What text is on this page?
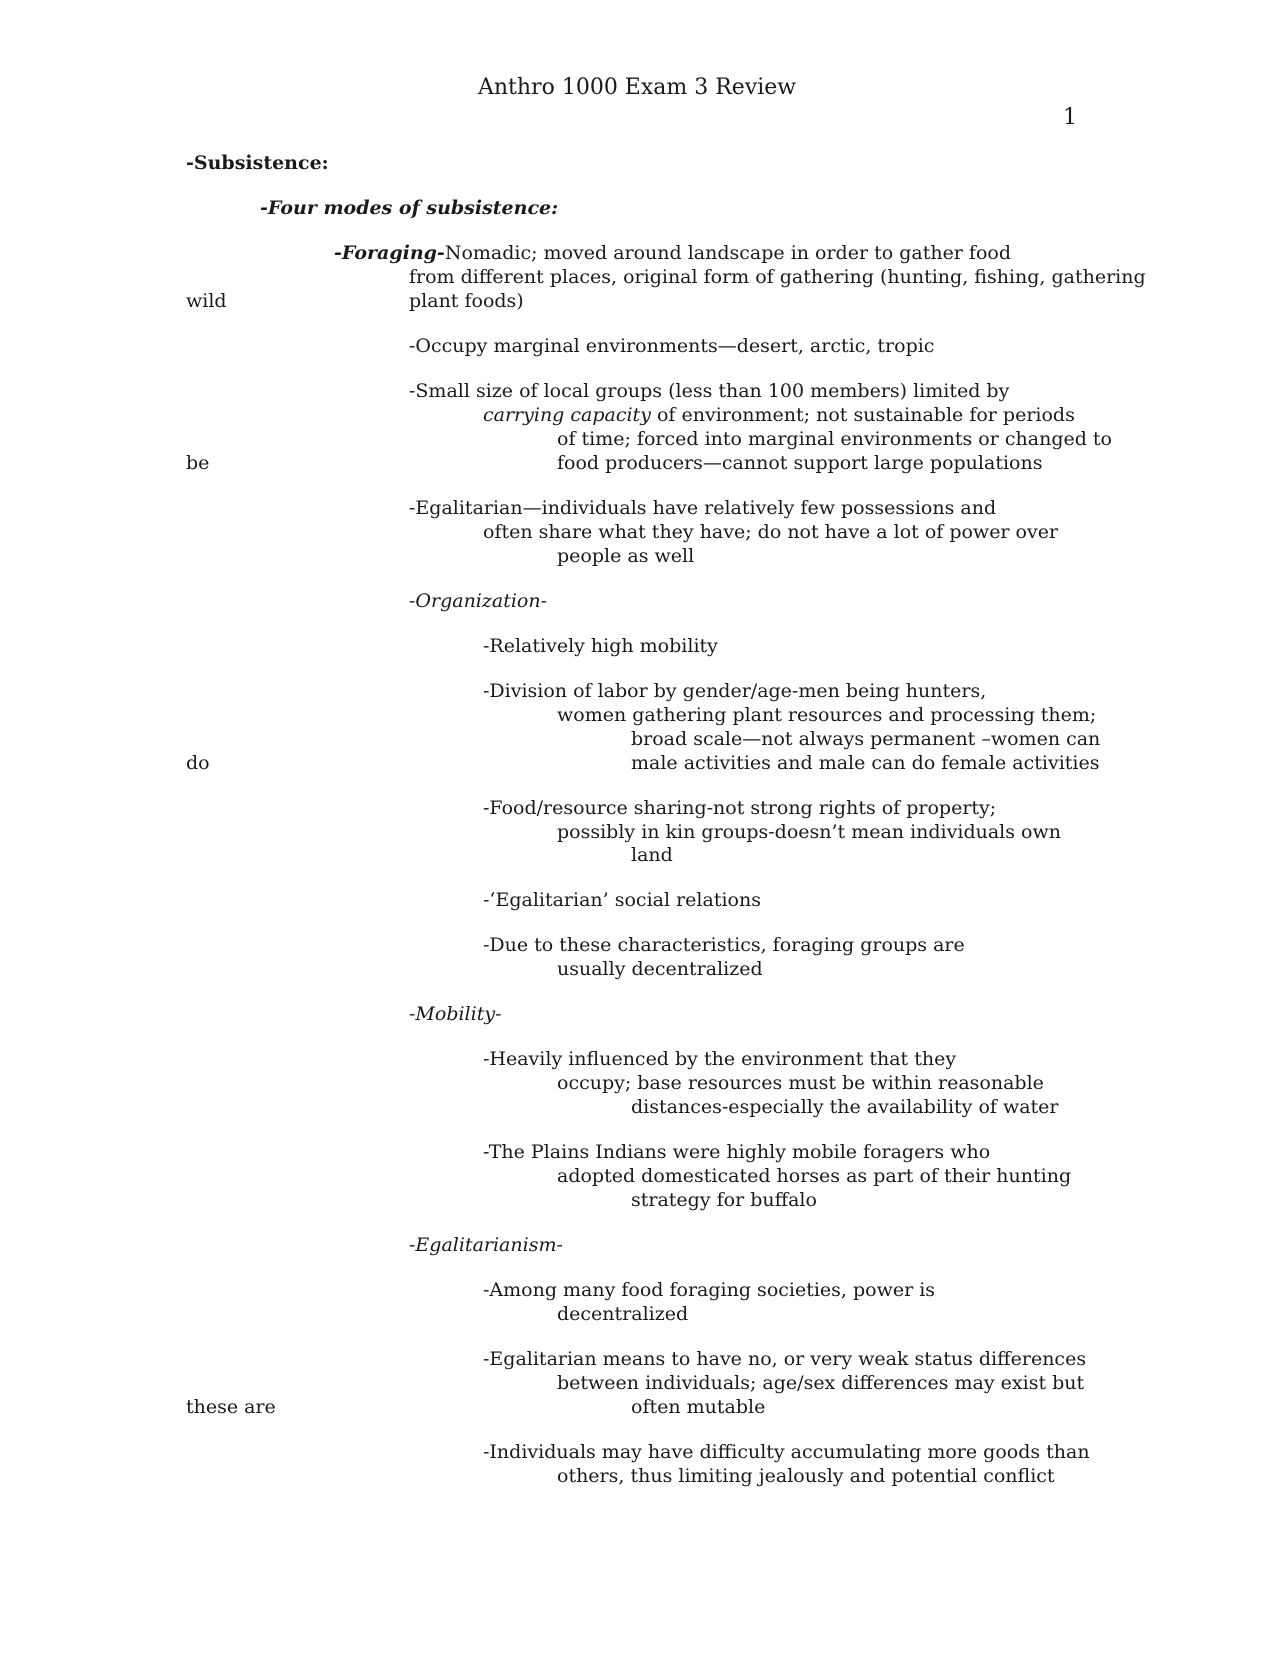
Anthro 1000 Exam 3 Review
1
-Subsistence:
-Four modes of subsistence:
-Foraging-Nomadic; moved around landscape in order to gather food
from different places, original form of gathering (hunting, fishing, gathering
wild	plant foods)
-Occupy marginal environments—desert, arctic, tropic
-Small size of local groups (less than 100 members) limited by
carrying capacity of environment; not sustainable for periods
of time; forced into marginal environments or changed to
be	food producers—cannot support large populations
-Egalitarian—individuals have relatively few possessions and
often share what they have; do not have a lot of power over
people as well
-Organization-
-Relatively high mobility
-Division of labor by gender/age-men being hunters,
women gathering plant resources and processing them;
broad scale—not always permanent –women can
do	male activities and male can do female activities
-Food/resource sharing-not strong rights of property;
possibly in kin groups-doesn’t mean individuals own
land
-‘Egalitarian’ social relations
-Due to these characteristics, foraging groups are
usually decentralized
-Mobility-
-Heavily influenced by the environment that they
occupy; base resources must be within reasonable
distances-especially the availability of water
-The Plains Indians were highly mobile foragers who
adopted domesticated horses as part of their hunting
strategy for buffalo
-Egalitarianism-
-Among many food foraging societies, power is
decentralized
-Egalitarian means to have no, or very weak status differences
between individuals; age/sex differences may exist but
these are	often mutable
-Individuals may have difficulty accumulating more goods than
others, thus limiting jealously and potential conflict
